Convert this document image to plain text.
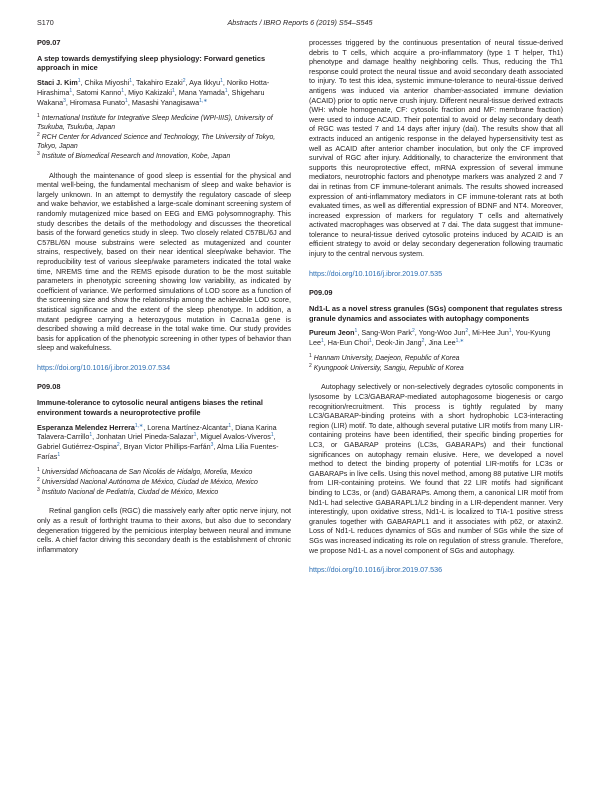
S170	Abstracts / IBRO Reports 6 (2019) S54–S545
P09.07
A step towards demystifying sleep physiology: Forward genetics approach in mice
Staci J. Kim$^1$, Chika Miyoshi$^1$, Takahiro Ezaki$^2$, Aya Ikkyu$^1$, Noriko Hotta-Hirashima$^1$, Satomi Kanno$^1$, Miyo Kakizaki$^1$, Mana Yamada$^1$, Shigeharu Wakana$^3$, Hiromasa Funato$^1$, Masashi Yanagisawa$^{1,∗}$
$^1$ International Institute for Integrative Sleep Medicine (WPI-IIIS), University of Tsukuba, Tsukuba, Japan
$^2$ RCH Center for Advanced Science and Technology, The University of Tokyo, Tokyo, Japan
$^3$ Institute of Biomedical Research and Innovation, Kobe, Japan

Although the maintenance of good sleep is essential for the physical and mental well-being, the fundamental mechanism of sleep and wake behavior is largely unknown. In an attempt to demystify the regulatory cascade of sleep and wake behavior, we established a large-scale dominant screening system of randomly mutagenized mice based on EEG and EMG polysomnography. This study describes the details of the methodology and discusses the theoretical basis of the forward genetics study in sleep. Two closely related C57BL/6J and C57BL/6N mouse substrains were selected as mutagenized and counter strains, respectively, based on their near identical sleep/wake behavior. The reproducibility test of various sleep/wake parameters indicated the total wake time, NREMS time and the REMS episode duration to be the most suitable parameters in phenotypic screening showing low variability, as indicated by coefficient of variance. We performed simulations of LOD score as a function of the screening size and show the relationship among the achievable LOD score, statistical significance and the extent of the sleep phenotype. In addition, a mutant pedigree carrying a heterozygous mutation in Cacna1a gene is described showing a mild decrease in the total wake time. Our study provides basis for application of the phenotypic screening in other types of behavior than sleep and wakefulness.

https://doi.org/10.1016/j.ibror.2019.07.534
P09.08
Immune-tolerance to cytosolic neural antigens biases the retinal environment towards a neuroprotective profile
Esperanza Melendez Herrera$^{1,∗}$, Lorena Martínez-Alcantar$^1$, Diana Karina Talavera-Carrillo$^1$, Jonhatan Uriel Pineda-Salazar$^1$, Miguel Avalos-Viveros$^1$, Gabriel Gutiérrez-Ospina$^2$, Bryan Victor Phillips-Farfán$^3$, Alma Lilia Fuentes-Farías$^1$
$^1$ Universidad Michoacana de San Nicolás de Hidalgo, Morelia, Mexico
$^2$ Universidad Nacional Autónoma de México, Ciudad de México, Mexico
$^3$ Instituto Nacional de Pediatría, Ciudad de México, Mexico

Retinal ganglion cells (RGC) die massively early after optic nerve injury, not only as a result of forthright trauma to their axons, but also due to secondary degeneration triggered by the pernicious interplay between neural and immune cells. A chief factor driving this secondary death is the establishment of chronic inflammatory

processes triggered by the continuous presentation of neural tissue-derived debris to T cells, which acquire a pro-inflammatory (type 1 T helper, Th1) phenotype and damage healthy neighboring cells. Thus, reducing the Th1 response could protect the neural tissue and avoid secondary death associated to injury. To test this idea, systemic immune-tolerance to neural-tissue derived antigens was induced via anterior chamber-associated immune deviation (ACAID) prior to optic nerve crush injury. Different neural-tissue derived extracts (WH: whole homogenate, CF: cytosolic fraction and MF: membrane fraction) were used to induce ACAID. Their potential to avoid or delay secondary death of RGC was tested 7 and 14 days after injury (dai). The results show that all extracts induced an antigenic response in the delayed hypersensitivity test as well as ACAID after anterior chamber inoculation, but only the CF improved survival of RGC after injury. Additionally, to characterize the environment that supports this neuroprotective effect, mRNA expression of several immune mediators, neurotrophic factors and phenotype markers was analyzed 2 and 7 dai in retinas from CF immune-tolerant animals. The results showed increased expression of anti-inflammatory mediators in CF immune-tolerant rats at both evaluated times, as well as differential expression of BDNF and NT4. Moreover, increased expression of markers for regulatory T cells and alternatively activated macrophages was observed at 7 dai. The data suggest that immune-tolerance to neural-tissue derived cytosolic proteins induced by ACAID is an efficient strategy to avoid or delay secondary degeneration following traumatic injury to the central nervous system.

https://doi.org/10.1016/j.ibror.2019.07.535
P09.09
Nd1-L as a novel stress granules (SGs) component that regulates stress granule dynamics and associates with autophagy components
Pureum Jeon$^1$, Sang-Won Park$^2$, Yong-Woo Jun$^2$, Mi-Hee Jun$^1$, You-Kyung Lee$^1$, Ha-Eun Choi$^1$, Deok-Jin Jang$^2$, Jina Lee$^{1,∗}$
$^1$ Hannam University, Daejeon, Republic of Korea
$^2$ Kyungpook University, Sangju, Republic of Korea

Autophagy selectively or non-selectively degrades cytosolic components in lysosome by LC3/GABARAP-mediated autophagosome biogenesis or cargo recognition/recruitment. This process is tightly regulated by many LC3/GABARAP-binding proteins with a short hydrophobic LC3-interacting region (LIR) motif. To date, although several putative LIR motifs from many LIR-containing proteins have been identified, their specific binding properties for LC3, or GABARAP proteins (LC3s, GABARAPs) and their functional significances on autophagy remain elusive. Here, we developed a novel method to detect the binding property of potential LIR-motifs for LC3s or GABARAPs in live cells. Using this novel method, among 88 putative LIR motifs from LIR-containing proteins. We found that 22 LIR motifs had significant binding to LC3s, or (and) GABARAPs. Among them, a canonical LIR motif from Nd1-L had selective GABARAPL1/L2 binding in a LIR-dependent manner. Very interestingly, upon oxidative stress, Nd1-L is localized to TIA-1 positive stress granules together with GABARAPL1 and it associates with p62, or ataxin2. Loss of Nd1-L reduces dynamics of SGs and number of SGs while the size of SGs was increased indicating its role on regulation of stress granule. Therefore, we propose Nd1-L as a novel component of SGs and autophagy.

https://doi.org/10.1016/j.ibror.2019.07.536
